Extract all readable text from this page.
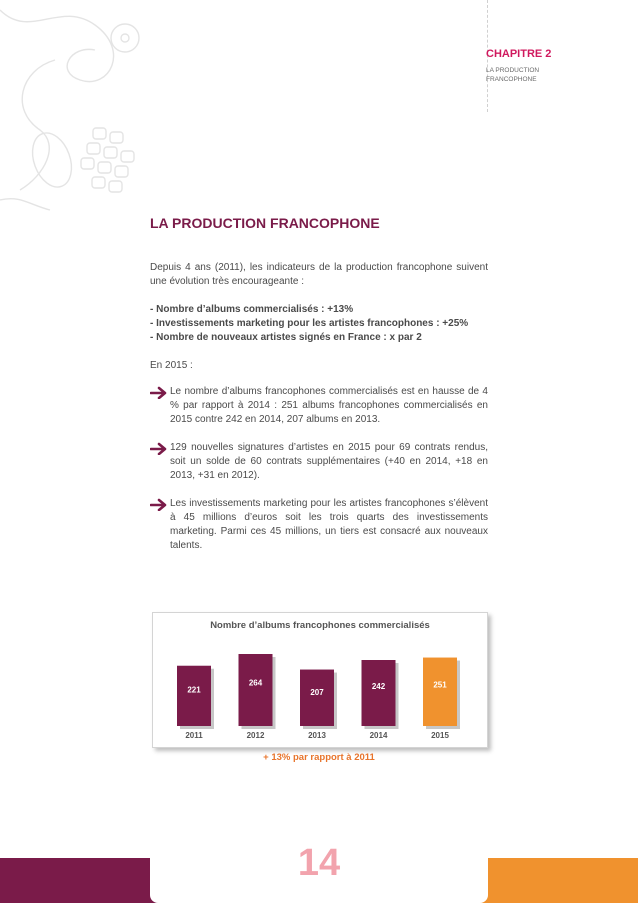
CHAPITRE 2
LA PRODUCTION FRANCOPHONE
LA PRODUCTION FRANCOPHONE

Depuis 4 ans (2011), les indicateurs de la production francophone suivent une évolution très encourageante :

- Nombre d’albums commercialisés : +13%

- Investissements marketing pour les artistes francophones : +25%

- Nombre de nouveaux artistes signés en France : x par 2

En 2015 :

Le nombre d’albums francophones commercialisés est en hausse de 4 % par rapport à 2014 : 251 albums francophones commercialisés en 2015 contre 242 en 2014, 207 albums en 2013.
129 nouvelles signatures d’artistes en 2015 pour 69 contrats rendus, soit un solde de 60 contrats supplémentaires (+40 en 2014, +18 en 2013, +31 en 2012).
Les investissements marketing pour les artistes francophones s’élèvent à 45 millions d’euros soit les trois quarts des investissements marketing. Parmi ces 45 millions, un tiers est consacré aux nouveaux talents.
Nombre d’albums francophones commercialisés
221
2011
264
2012
207
2013
242
2014
251
2015
+ 13% par rapport à 2011
14
